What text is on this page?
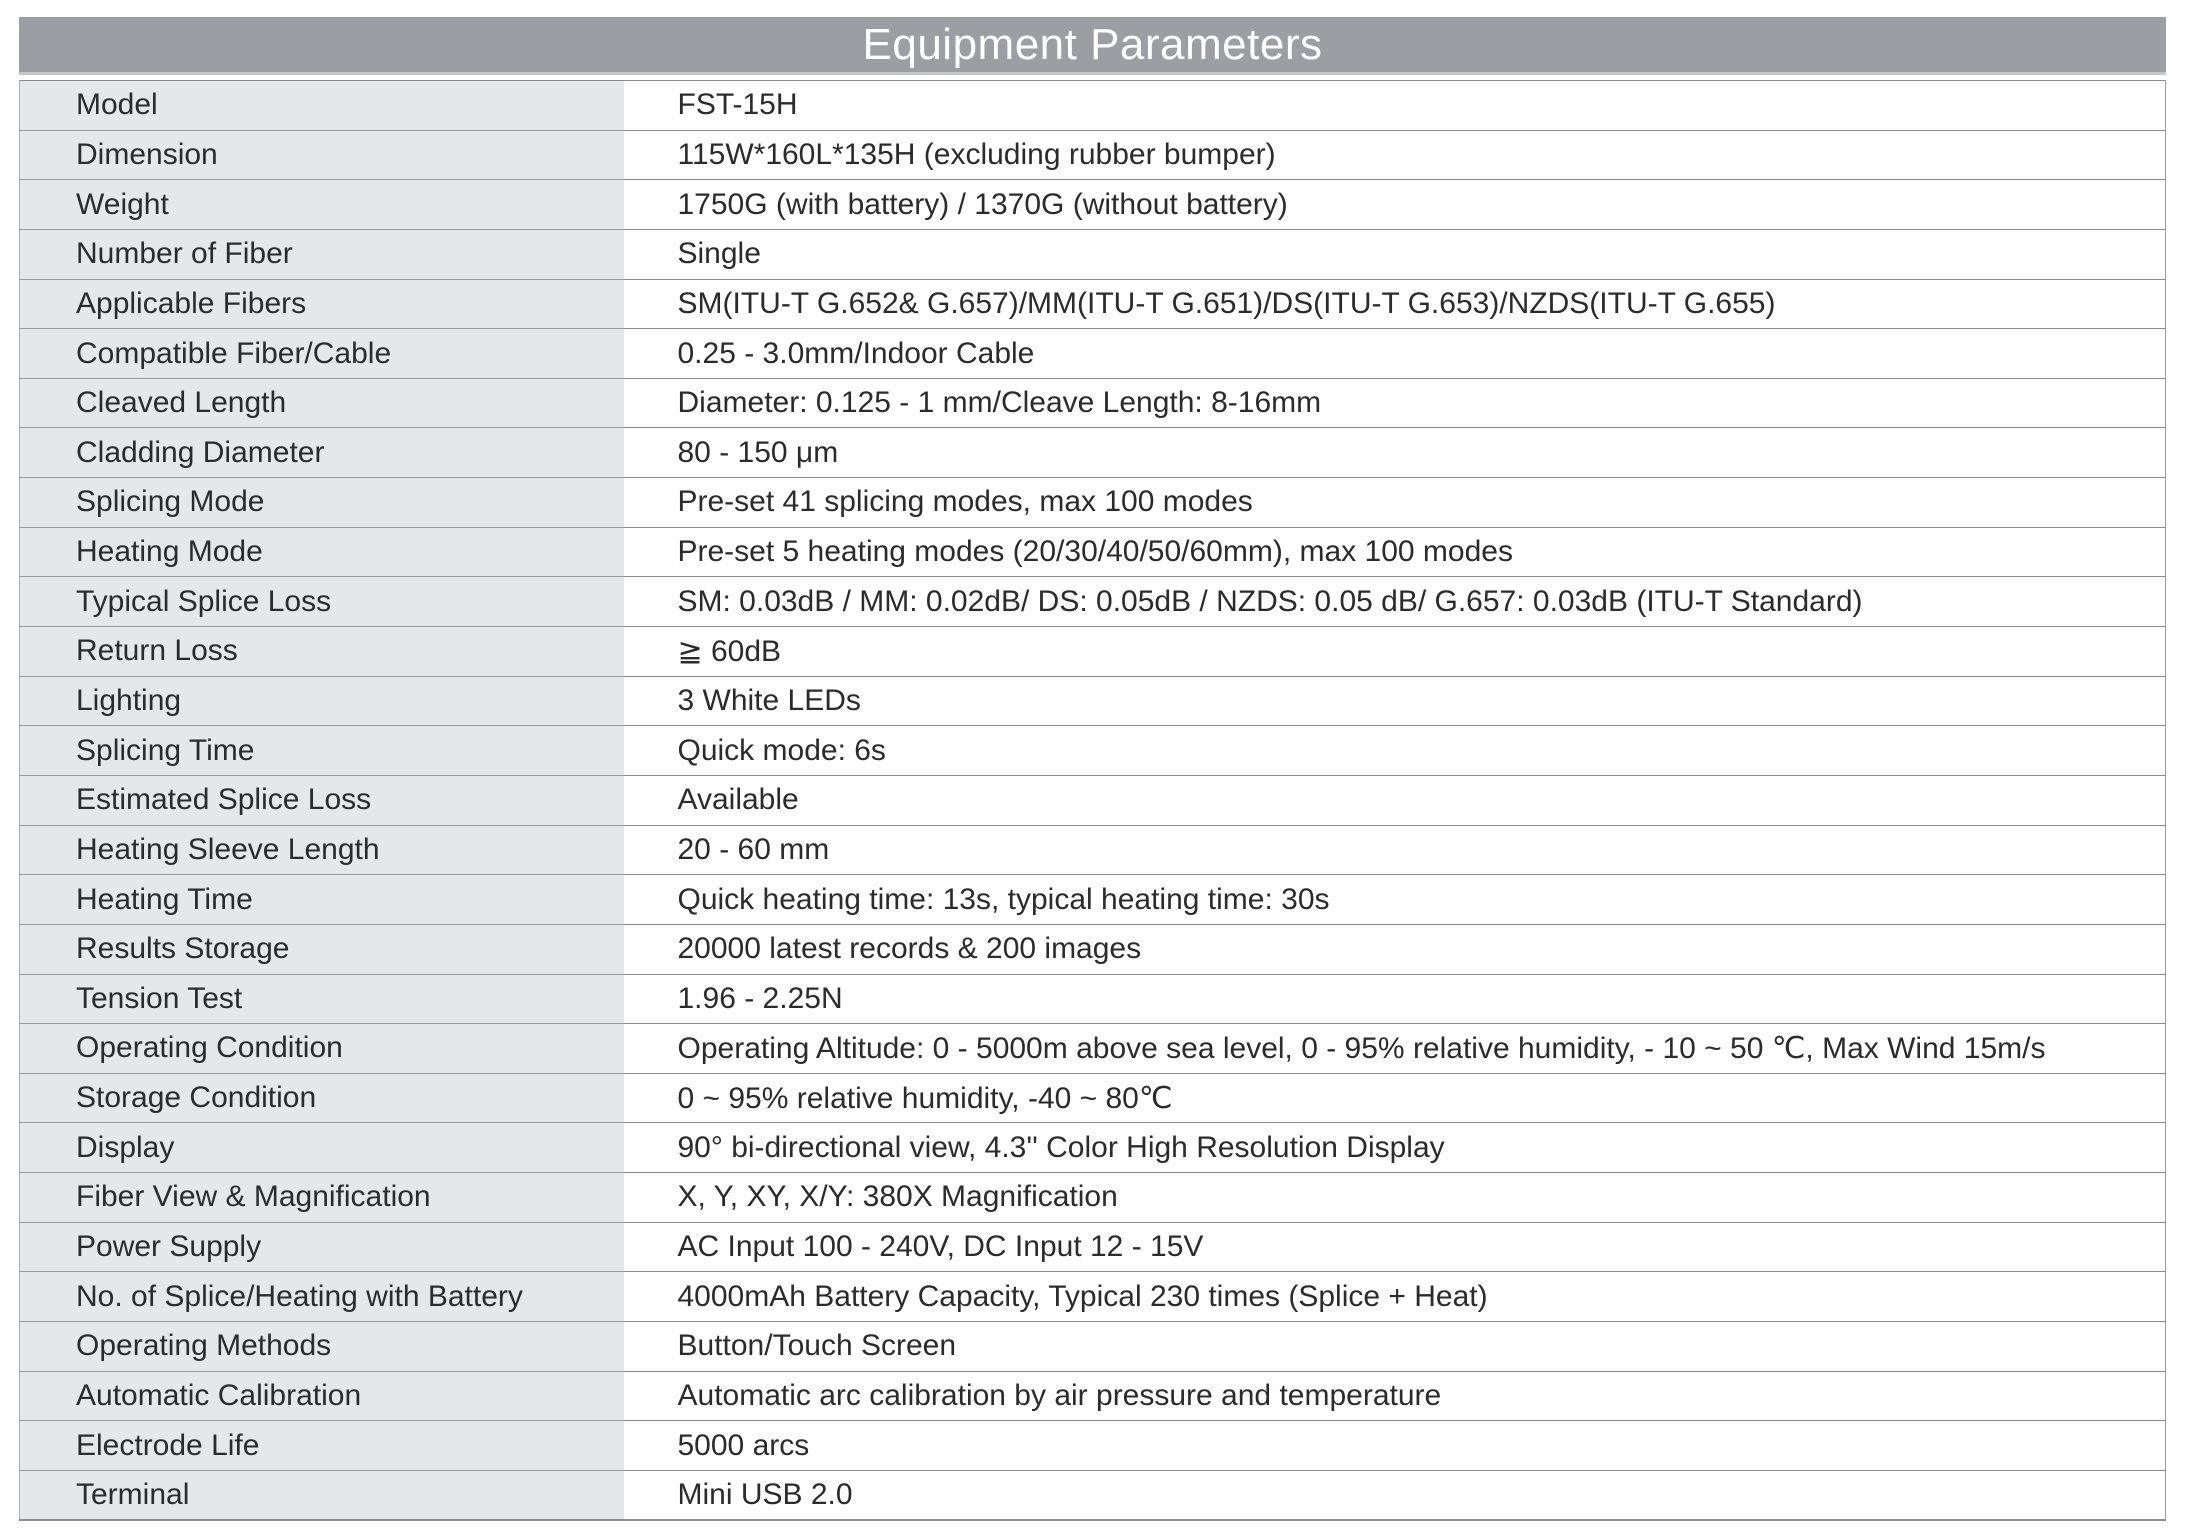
Equipment Parameters
Model	FST-15H
Dimension	115W*160L*135H (excluding rubber bumper)
Weight	1750G (with battery) / 1370G (without battery)
Number of Fiber	Single
Applicable Fibers	SM(ITU-T G.652& G.657)/MM(ITU-T G.651)/DS(ITU-T G.653)/NZDS(ITU-T G.655)
Compatible Fiber/Cable	0.25 - 3.0mm/Indoor Cable
Cleaved Length	Diameter: 0.125 - 1 mm/Cleave Length: 8-16mm
Cladding Diameter	80 - 150 μm
Splicing Mode	Pre-set 41 splicing modes, max 100 modes
Heating Mode	Pre-set 5 heating modes (20/30/40/50/60mm), max 100 modes
Typical Splice Loss	SM: 0.03dB / MM: 0.02dB/ DS: 0.05dB / NZDS: 0.05 dB/ G.657: 0.03dB (ITU-T Standard)
Return Loss	≧ 60dB
Lighting	3 White LEDs
Splicing Time	Quick mode: 6s
Estimated Splice Loss	Available
Heating Sleeve Length	20 - 60 mm
Heating Time	Quick heating time: 13s, typical heating time: 30s
Results Storage	20000 latest records & 200 images
Tension Test	1.96 - 2.25N
Operating Condition	Operating Altitude: 0 - 5000m above sea level, 0 - 95% relative humidity, - 10 ~ 50 ℃, Max Wind 15m/s
Storage Condition	0 ~ 95% relative humidity, -40 ~ 80℃
Display	90° bi-directional view, 4.3'' Color High Resolution Display
Fiber View & Magnification	X, Y, XY, X/Y: 380X Magnification
Power Supply	AC Input 100 - 240V, DC Input 12 - 15V
No. of Splice/Heating with Battery	4000mAh Battery Capacity, Typical 230 times (Splice + Heat)
Operating Methods	Button/Touch Screen
Automatic Calibration	Automatic arc calibration by air pressure and temperature
Electrode Life	5000 arcs
Terminal	Mini USB 2.0
